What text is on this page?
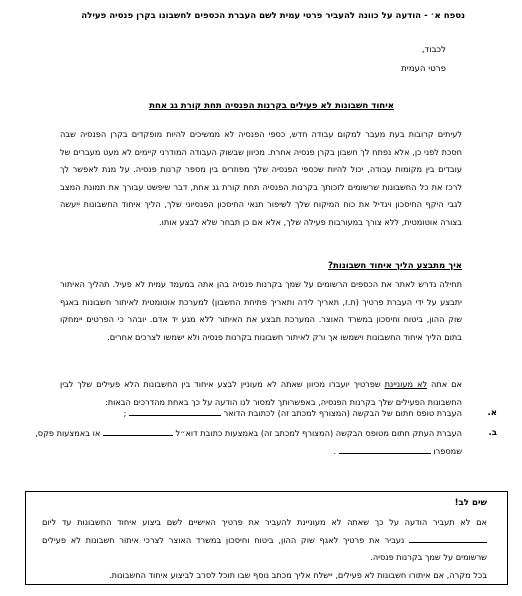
נספח א׳ - הודעה על כוונה להעביר פרטי עמית לשם העברת הכספים לחשבונו בקרן פנסיה פעילה
לכבוד,
פרטי העמית
איחוד חשבונות לא פעילים בקרנות הפנסיה תחת קורת גג אחת

לעיתים קרובות בעת מעבר למקום עבודה חדש, כספי הפנסיה לא ממשיכים להיות מופקדים בקרן הפנסיה שבה חסכת לפני כן, אלא נפתח לך חשבון בקרן פנסיה אחרת. מכיוון שבשוק העבודה המודרני קיימים לא מעט מעברים של עובדים בין מקומות עבודה, יכול להיות שכספי הפנסיה שלך מפוזרים בין מספר קרנות פנסיה. על מנת לאפשר לך לרכז את כל החשבונות שרשומים לזכותך בקרנות הפנסיה תחת קורת גג אחת, דבר שיפשט עבורך את תמונת המצב לגבי היקף החיסכון ויגדיל את כוח המיקוח שלך לשיפור תנאי החיסכון הפנסיוני שלך, הליך איחוד החשבונות ייעשה בצורה אוטומטית, ללא צורך במעורבות פעילה שלך, אלא אם כן תבחר שלא לבצע אותו.

איך מתבצע הליך איחוד חשבונות?

תחילה נדרש לאתר את הכספים הרשומים על שמך בקרנות פנסיה בהן אתה במעמד עמית לא פעיל. תהליך האיתור יתבצע על ידי העברת פרטיך (ת.ז, תאריך לידה ותאריך פתיחת החשבון) למערכת אוטומטית לאיתור חשבונות באגף שוק ההון, ביטוח וחיסכון במשרד האוצר. המערכת תבצע את האיתור ללא מגע יד אדם. יובהר כי הפרטים יימחקו בתום הליך איחוד החשבונות וישמשו אך ורק לאיתור חשבונות בקרנות פנסיה ולא ישמשו לצרכים אחרים.

אם אתה לא מעוניינת שפרטיך יועברו מכיוון שאתה לא מעוניין לבצע איחוד בין החשבונות הלא פעילים שלך לבין החשבונות הפעילים שלך בקרנות הפנסיה, באפשרותך למסור לנו הודעה על כך באחת מהדרכים הבאות:

א.
העברת טופס חתום של הבקשה (המצורף למכתב זה) לכתובת הדואר  ;
ב.
העברת העתק חתום מטופס הבקשה (המצורף למכתב זה) באמצעות כתובת דוא״ל  או באמצעות פקס,
שמספרו  .
שים לב!

אם לא תעביר הודעה על כך שאתה לא מעוניינת להעביר את פרטיך האישיים לשם ביצוע איחוד החשבונות עד ליום  נעביר את פרטיך לאגף שוק ההון, ביטוח וחיסכון במשרד האוצר לצרכי איתור חשבונות לא פעילים שרשומים על שמך בקרנות פנסיה.

בכל מקרה, אם איתורו חשבונות לא פעילים, יישלח אליך מכתב נוסף שבו תוכל לסרב לביצוע איחוד החשבונות.
